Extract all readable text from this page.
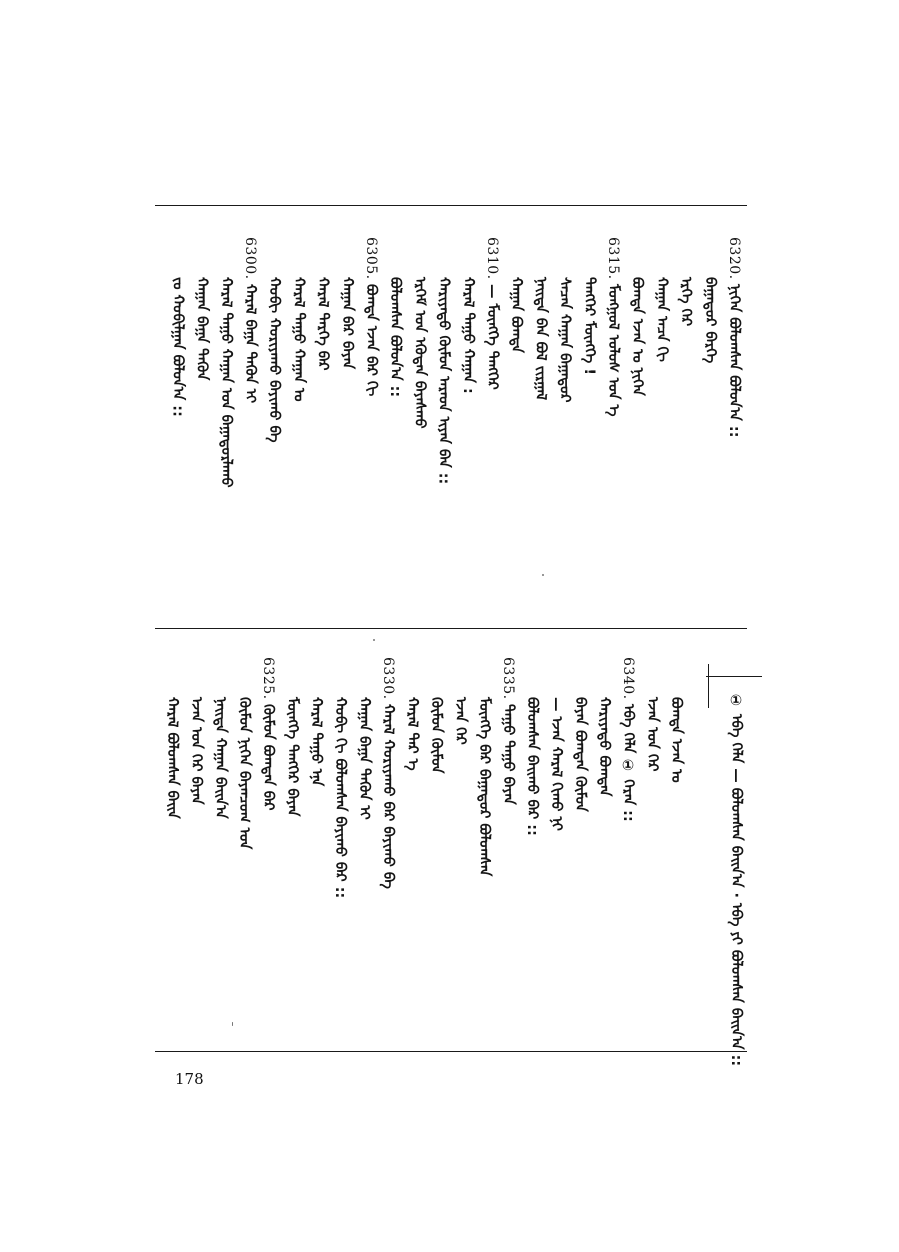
6320.
ᠨᠢᠭᠡᠨ ᠪᠤᠯᠤᠭᠰᠠᠨ ᠪᠣᠯᠤᠨ᠎ᠠ ::
ᠪᠠᠭᠠᠲᠤᠷ ᠪᠡᠷᠬᠡ
ᠡᠷᠬᠡ ᠭᠡᠷ
ᠬᠠᠭᠠᠨ ᠠᠴᠠ ᠬᠢ
ᠪᠣᠭᠳᠠ ᠡᠵᠡᠨ ᠤ ᠨᠢᠭᠡᠨ
6315.
ᠮᠣᠩᠭᠣᠯ ᠤᠯᠤᠰ ᠤᠨ ᠡ
ᠲᠡᠩᠭᠡᠷ ᠮᠥᠩᠬᠡ !
ᠰᠡᠴᠡᠨ ᠬᠠᠭᠠᠨ ᠪᠠᠭᠠᠲᠤᠷ
ᠨᠡᠢᠲᠡ ᠪᠡᠨ ᠪᠤᠯ ᠵᠢᠷᠭᠠᠯ
ᠬᠠᠭᠠᠨ ᠪᠣᠭᠳᠠ
6310.
— ᠮᠥᠩᠬᠡ ᠲᠡᠩᠭᠡᠷ
ᠬᠠᠷᠠᠯ ᠳᠠᠭᠤ ᠬᠠᠭᠠᠨ :
ᠬᠠᠷᠢᠶᠠᠲᠤ ᠬᠦᠮᠦᠨ ᠠᠷᠠᠳ ᠢᠶᠠᠨ ᠪᠡᠨ ::
ᠡᠷᠬᠡᠮ ᠤᠨ ᠡᠭᠦᠳᠡᠨ ᠪᠠᠶᠠᠰᠬᠤ
ᠪᠤᠯᠤᠭᠰᠠᠨ ᠪᠣᠯᠤᠨ᠎ᠠ ::
6305.
ᠪᠣᠭᠳᠠ ᠡᠵᠡᠨ ᠪᠡᠷ ᠬᠢ
ᠬᠠᠭᠠᠨ ᠪᠡᠷ ᠪᠠᠶᠠᠨ
ᠬᠠᠷᠠᠯ ᠲᠡᠷᠭᠡ ᠪᠡᠷ
ᠬᠠᠷᠠᠯ ᠳᠠᠭᠤ ᠬᠠᠭᠠᠨ ᠤ
ᠬᠤᠪᠢ ᠬᠤᠷᠢᠶᠠᠬᠤ ᠪᠠᠶᠢᠬᠤ ᠪᠠ
6300.
ᠬᠠᠷᠠᠯ ᠪᠠᠭᠠ ᠲᠡᠭᠦᠨ ᠢ
ᠬᠠᠷᠠᠯ ᠳᠠᠭᠤ ᠬᠠᠭᠠᠨ ᠤᠨ ᠪᠠᠭᠠᠲᠤᠷᠯᠠᠬᠤ
ᠬᠠᠭᠠᠨ ᠪᠠᠭᠠ ᠲᠡᠭᠦᠨ
ᠵᠤ ᠬᠤᠪᠢᠯᠭᠠᠨ ᠪᠣᠯᠤᠨ᠎ᠠ ::
① ᠡᠪᠡ ᠬᠡᠯᠡ — ᠪᠤᠯᠤᠭᠰᠠᠨ ᠪᠠᠢᠨ᠎ᠠ · ᠡᠪᠡ ᠶᠢ ᠪᠤᠯᠤᠭᠰᠠᠨ ᠪᠠᠢᠨ᠎ᠠ ::
ᠪᠣᠭᠳᠠ ᠡᠵᠡᠨ ᠤ
ᠡᠵᠡᠨ ᠤᠨ ᠭᠡᠷ
6340.
ᠡᠪᠡ ᠬᠡᠯᠡ ① ᠭᠡᠷᠡᠨ ::
ᠬᠠᠷᠢᠶᠠᠲᠤ ᠪᠣᠭᠳᠠᠨ
ᠪᠠᠶᠠᠨ ᠪᠣᠭᠳᠠᠨ ᠬᠦᠮᠦᠨ
— ᠡᠵᠡᠨ ᠬᠠᠷᠠᠯ ᠬᠢᠬᠤ ᠨᠢ
ᠪᠣᠯᠤᠭᠰᠠᠨ ᠪᠠᠢᠬᠤ ᠪᠡᠷ ::
6335.
ᠳᠠᠭᠤ ᠳᠠᠭᠤ ᠪᠠᠶᠠᠨ
ᠮᠥᠩᠬᠡ ᠪᠡᠷ ᠪᠠᠭᠠᠲᠤᠷ ᠪᠤᠯᠤᠭᠰᠠᠨ
ᠡᠵᠡᠨ ᠭᠡᠷ
ᠬᠦᠮᠦᠨ ᠬᠦᠮᠦᠨ
ᠬᠠᠷᠠᠯ ᠲᠡᠷ ᠡ
6330.
ᠬᠠᠷᠠᠯ ᠬᠤᠷᠢᠶᠠᠬᠤ ᠪᠡᠷ ᠪᠠᠶᠢᠬᠤ ᠪᠠ
ᠬᠠᠭᠠᠨ ᠪᠠᠭᠠ ᠲᠡᠭᠦᠨ ᠢ
ᠬᠤᠪᠢ ᠬᠢ ᠪᠤᠯᠤᠭᠰᠠᠨ ᠪᠠᠶᠢᠬᠤ ᠪᠡᠷ ::
ᠬᠠᠷᠠᠯ ᠳᠠᠭᠤ ᠡᠨᠡ
ᠮᠥᠩᠬᠡ ᠲᠡᠩᠭᠡᠷ ᠪᠠᠶᠠᠨ
6325.
ᠬᠦᠮᠦᠨ ᠪᠣᠭᠳᠠᠨ ᠪᠠᠷ
ᠬᠦᠮᠦᠨ ᠨᠢᠭᠡᠨ ᠪᠠᠶᠠᠨᠴᠤᠭ ᠤᠨ
ᠨᠡᠢᠲᠡ ᠬᠠᠭᠠᠨ ᠪᠠᠢᠨ᠎ᠠ
ᠡᠵᠡᠨ ᠤᠨ ᠭᠡᠷ ᠪᠠᠶᠠᠨ
ᠬᠠᠷᠠᠯ ᠪᠤᠯᠤᠭᠰᠠᠨ ᠪᠠᠢᠨ
178
